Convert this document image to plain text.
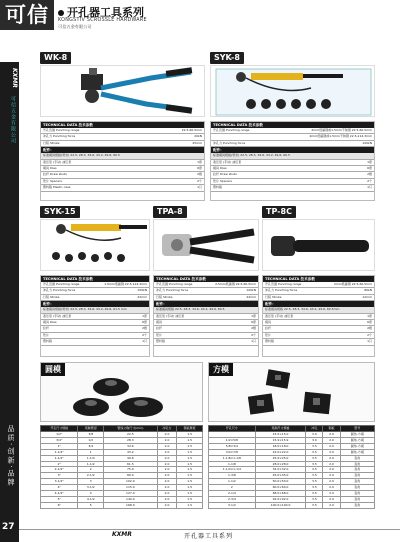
可信	开孔器工具系列
KONGSTIV SCROSSLE HARDWARE
可信五金有限公司
KXMR
可信五金有限公司
品质·创新·品牌
27
WK-8
TECHNICAL DATA 技术参数
开孔范围 Punching range	22.5-60.5mm
冲孔力 Punching force	20kN
行程 Stroke	25mm
配件：
标准模具规格(毫米) 22.5, 28.3, 34.6, 43.2, 49.6, 60.5
液压泵 (手动) 油压泵	1套
模具 Dies	6套
拉杆 Draw studs	2根
垫片 Spacers	2个
塑料箱 Plastic case	1只
SYK-8
TECHNICAL DATA 技术参数
开孔范围 Punching range	2mm低碳钢或1.5mm不锈钢 22.5-60.5mm
2mm低碳钢或1.5mm不锈钢 22.5-114.3mm
冲孔力 Punching force	100kN
配件：
标准模具规格(毫米) 22.5, 28.3, 34.6, 43.2, 49.6, 60.5
液压泵 (手动) 油压泵	1套
模具 Dies	6套
拉杆 Draw studs	2根
垫片 Spacers	2个
塑料箱	1只
SYK-15
TECHNICAL DATA 技术参数
开孔范围 Punching range	1.5mm低碳钢 22.5-114.3mm
冲孔力 Punching force	150kN
行程 Stroke	22mm
配件：
标准模具规格(毫米) 22.5, 28.3, 34.6, 43.2, 49.6, 61.5 mm
液压泵 (手动) 油压泵	1套
模具 Dies	6套
拉杆	2根
垫片	2个
塑料箱	1只
TPA-8
TECHNICAL DATA 技术参数
开孔范围 Punching range	2.5mm低碳钢 22.5-60.5mm
冲孔力 Punching force	100kN
行程 Stroke	22mm
配件：
标准模具规格 22.5, 28.3, 34.6, 43.2, 49.6, 60.5
液压泵 (手动) 油压泵	1套
模具	6套
拉杆	2根
垫片	2个
塑料箱	1只
TP-8C
TECHNICAL DATA 技术参数
开孔范围 Punching range	2mm低碳钢 22.5-60.5mm
冲孔力 Punching force	80kN
行程 Stroke	12mm
配件：
标准模具规格 22.5, 28.3, 34.6, 43.2, 49.6, 60.5mm
液压泵 (手动) 油压泵	1套
模具	6套
拉杆	2根
垫片	2个
塑料箱	1只
圆模
开孔尺寸规格	英制管径	管线公称尺寸(mm)	冲孔力	钢板厚度
1/2"	3/8	22.5	2.0	1.5
3/4"	1/2	28.3	2.0	1.5
1"	3/4	34.6	2.0	1.5
1-1/4"	1	43.2	2.0	1.5
1-1/2"	1-1/4	49.6	2.0	1.5
2"	1-1/2	61.5	2.0	1.5
2-1/2"	2	75.0	2.0	1.5
3"	2-1/2	89.0	2.0	1.5
3-1/2"	3	102.0	2.0	1.5
4"	3-1/2	115.0	2.0	1.5
4-1/2"	4	127.0	2.0	1.5
5"	4-1/2	140.0	2.0	1.5
6"	5	168.0	2.0	1.5
方模
开孔尺寸	英制尺寸规格	冲孔	钢板	型号
	15.0×15.0	3.0	2.0	圆角-方模
1/2×5/8	15.9×15.9	3.0	2.0	圆角-方模
5/8×3/4	18.0×18.0	3.5	2.0	圆角-方模
3/4×7/8	22.0×22.0	3.5	2.0	圆角-方模
1-1/8×1-1/8	25.0×25.0	3.5	2.0	直角
1-1/8	28.0×28.0	3.5	2.0	直角
1-1/4×1-1/4	32.0×32.0	3.5	2.0	直角
1-3/8	45.0×45.0	3.5	2.0	直角
1-1/2	50.0×50.0	3.5	2.0	直角
2	60.0×60.0	3.5	2.0	直角
2-1/4	68.0×68.0	3.5	2.0	直角
2-3/4	92.0×92.0	3.5	2.0	直角
3-1/2	100.0×100.0	3.5	2.0	直角
KXMR	开孔器工具系列
